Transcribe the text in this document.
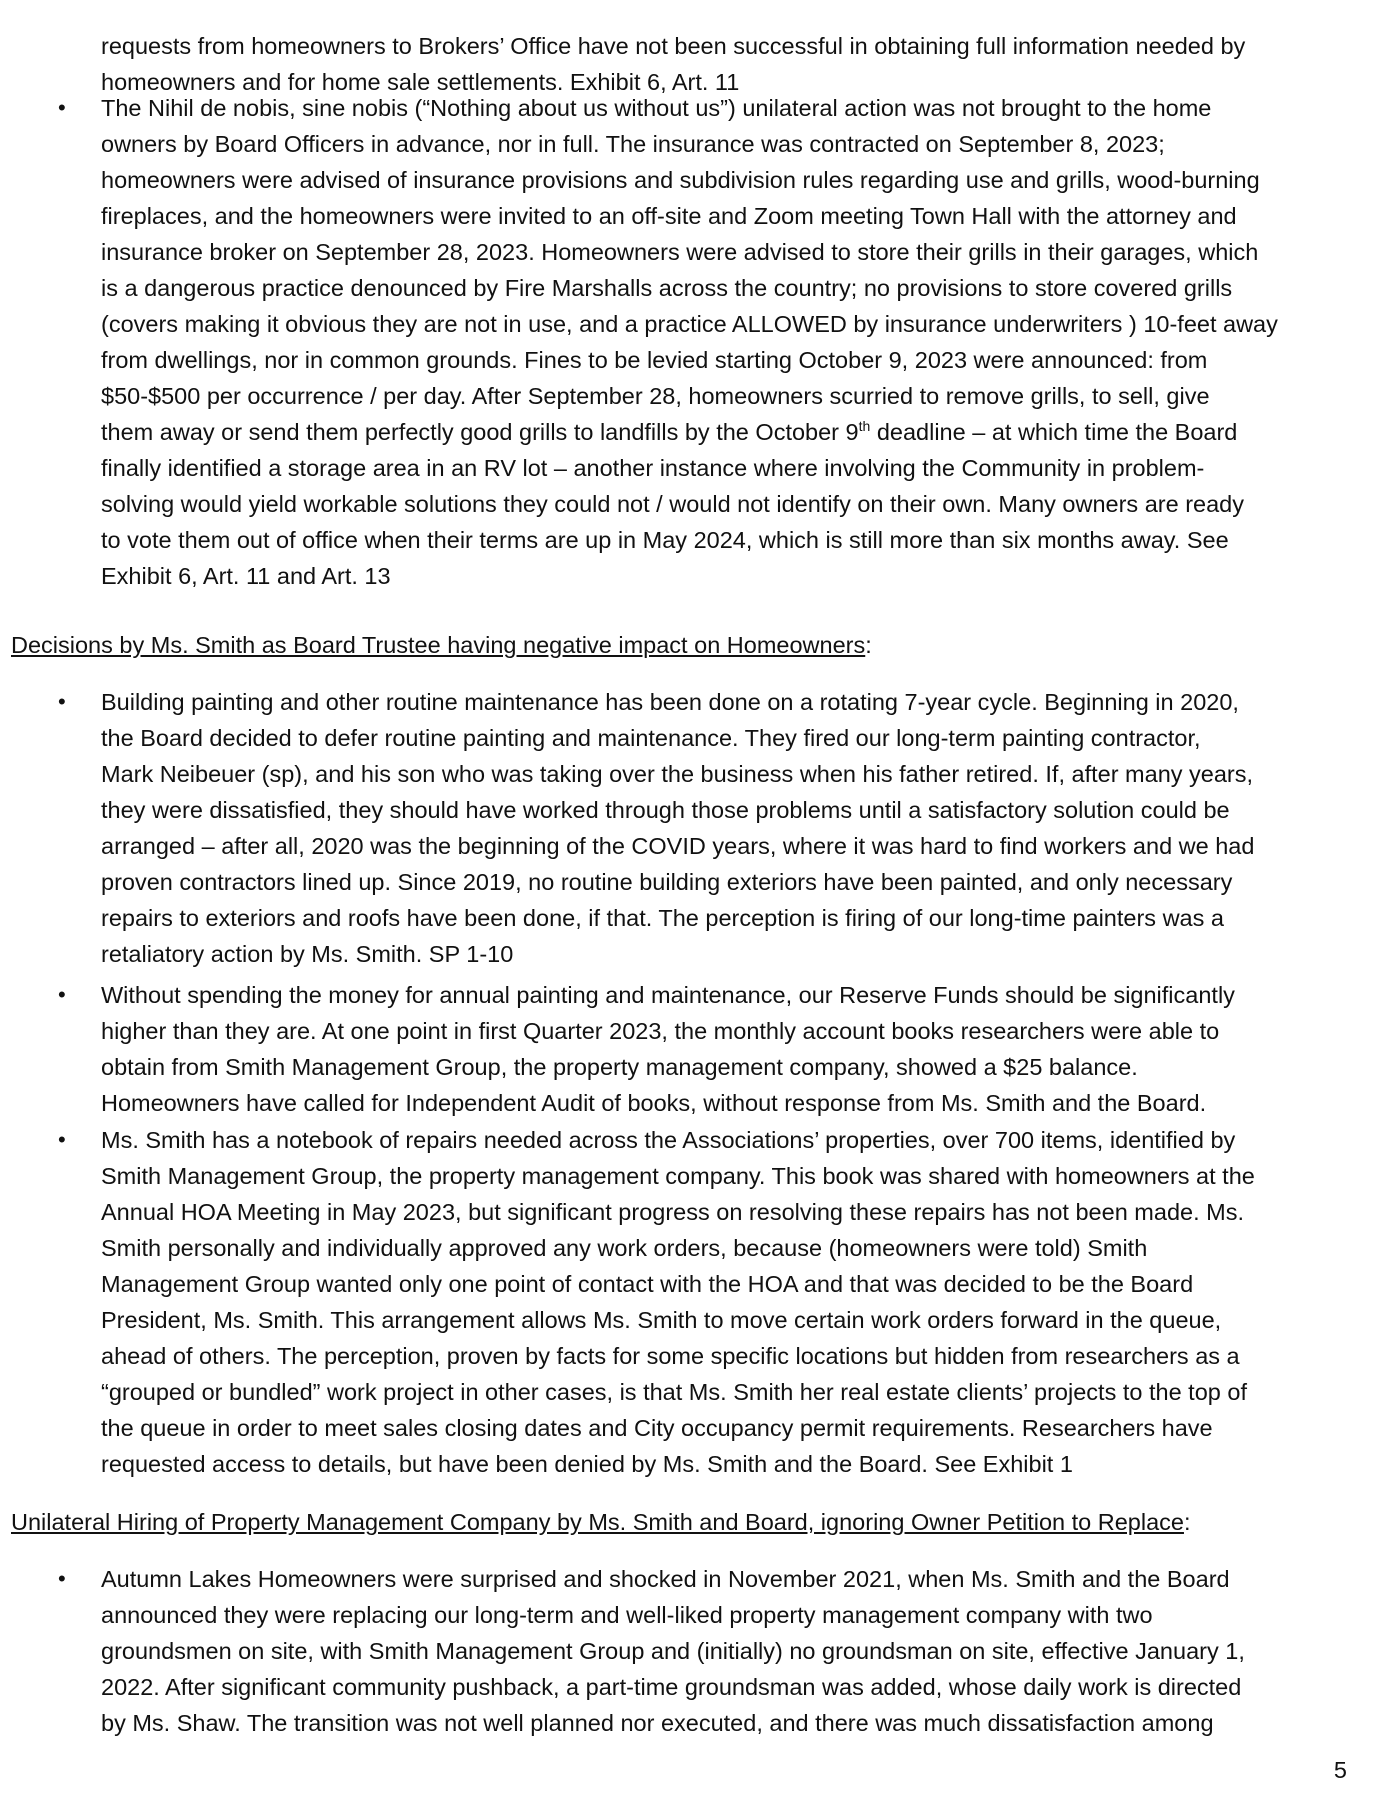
requests from homeowners to Brokers’ Office have not been successful in obtaining full information needed by
homeowners and for home sale settlements. Exhibit 6, Art. 11
• The Nihil de nobis, sine nobis (“Nothing about us without us”) unilateral action was not brought to the home
owners by Board Officers in advance, nor in full. The insurance was contracted on September 8, 2023;
homeowners were advised of insurance provisions and subdivision rules regarding use and grills, wood-burning
fireplaces, and the homeowners were invited to an off-site and Zoom meeting Town Hall with the attorney and
insurance broker on September 28, 2023. Homeowners were advised to store their grills in their garages, which
is a dangerous practice denounced by Fire Marshalls across the country; no provisions to store covered grills
(covers making it obvious they are not in use, and a practice ALLOWED by insurance underwriters ) 10-feet away
from dwellings, nor in common grounds. Fines to be levied starting October 9, 2023 were announced: from
$50-$500 per occurrence / per day. After September 28, homeowners scurried to remove grills, to sell, give
them away or send them perfectly good grills to landfills by the October 9th deadline – at which time the Board
finally identified a storage area in an RV lot – another instance where involving the Community in problem-
solving would yield workable solutions they could not / would not identify on their own. Many owners are ready
to vote them out of office when their terms are up in May 2024, which is still more than six months away. See
Exhibit 6, Art. 11 and Art. 13
Decisions by Ms. Smith as Board Trustee having negative impact on Homeowners:
• Building painting and other routine maintenance has been done on a rotating 7-year cycle. Beginning in 2020,
the Board decided to defer routine painting and maintenance. They fired our long-term painting contractor,
Mark Neibeuer (sp), and his son who was taking over the business when his father retired. If, after many years,
they were dissatisfied, they should have worked through those problems until a satisfactory solution could be
arranged – after all, 2020 was the beginning of the COVID years, where it was hard to find workers and we had
proven contractors lined up. Since 2019, no routine building exteriors have been painted, and only necessary
repairs to exteriors and roofs have been done, if that. The perception is firing of our long-time painters was a
retaliatory action by Ms. Smith. SP 1-10
• Without spending the money for annual painting and maintenance, our Reserve Funds should be significantly
higher than they are. At one point in first Quarter 2023, the monthly account books researchers were able to
obtain from Smith Management Group, the property management company, showed a $25 balance.
Homeowners have called for Independent Audit of books, without response from Ms. Smith and the Board.
• Ms. Smith has a notebook of repairs needed across the Associations’ properties, over 700 items, identified by
Smith Management Group, the property management company. This book was shared with homeowners at the
Annual HOA Meeting in May 2023, but significant progress on resolving these repairs has not been made. Ms.
Smith personally and individually approved any work orders, because (homeowners were told) Smith
Management Group wanted only one point of contact with the HOA and that was decided to be the Board
President, Ms. Smith. This arrangement allows Ms. Smith to move certain work orders forward in the queue,
ahead of others. The perception, proven by facts for some specific locations but hidden from researchers as a
“grouped or bundled” work project in other cases, is that Ms. Smith her real estate clients’ projects to the top of
the queue in order to meet sales closing dates and City occupancy permit requirements. Researchers have
requested access to details, but have been denied by Ms. Smith and the Board. See Exhibit 1
Unilateral Hiring of Property Management Company by Ms. Smith and Board, ignoring Owner Petition to Replace:
• Autumn Lakes Homeowners were surprised and shocked in November 2021, when Ms. Smith and the Board
announced they were replacing our long-term and well-liked property management company with two
groundsmen on site, with Smith Management Group and (initially) no groundsman on site, effective January 1,
2022. After significant community pushback, a part-time groundsman was added, whose daily work is directed
by Ms. Shaw. The transition was not well planned nor executed, and there was much dissatisfaction among
5
